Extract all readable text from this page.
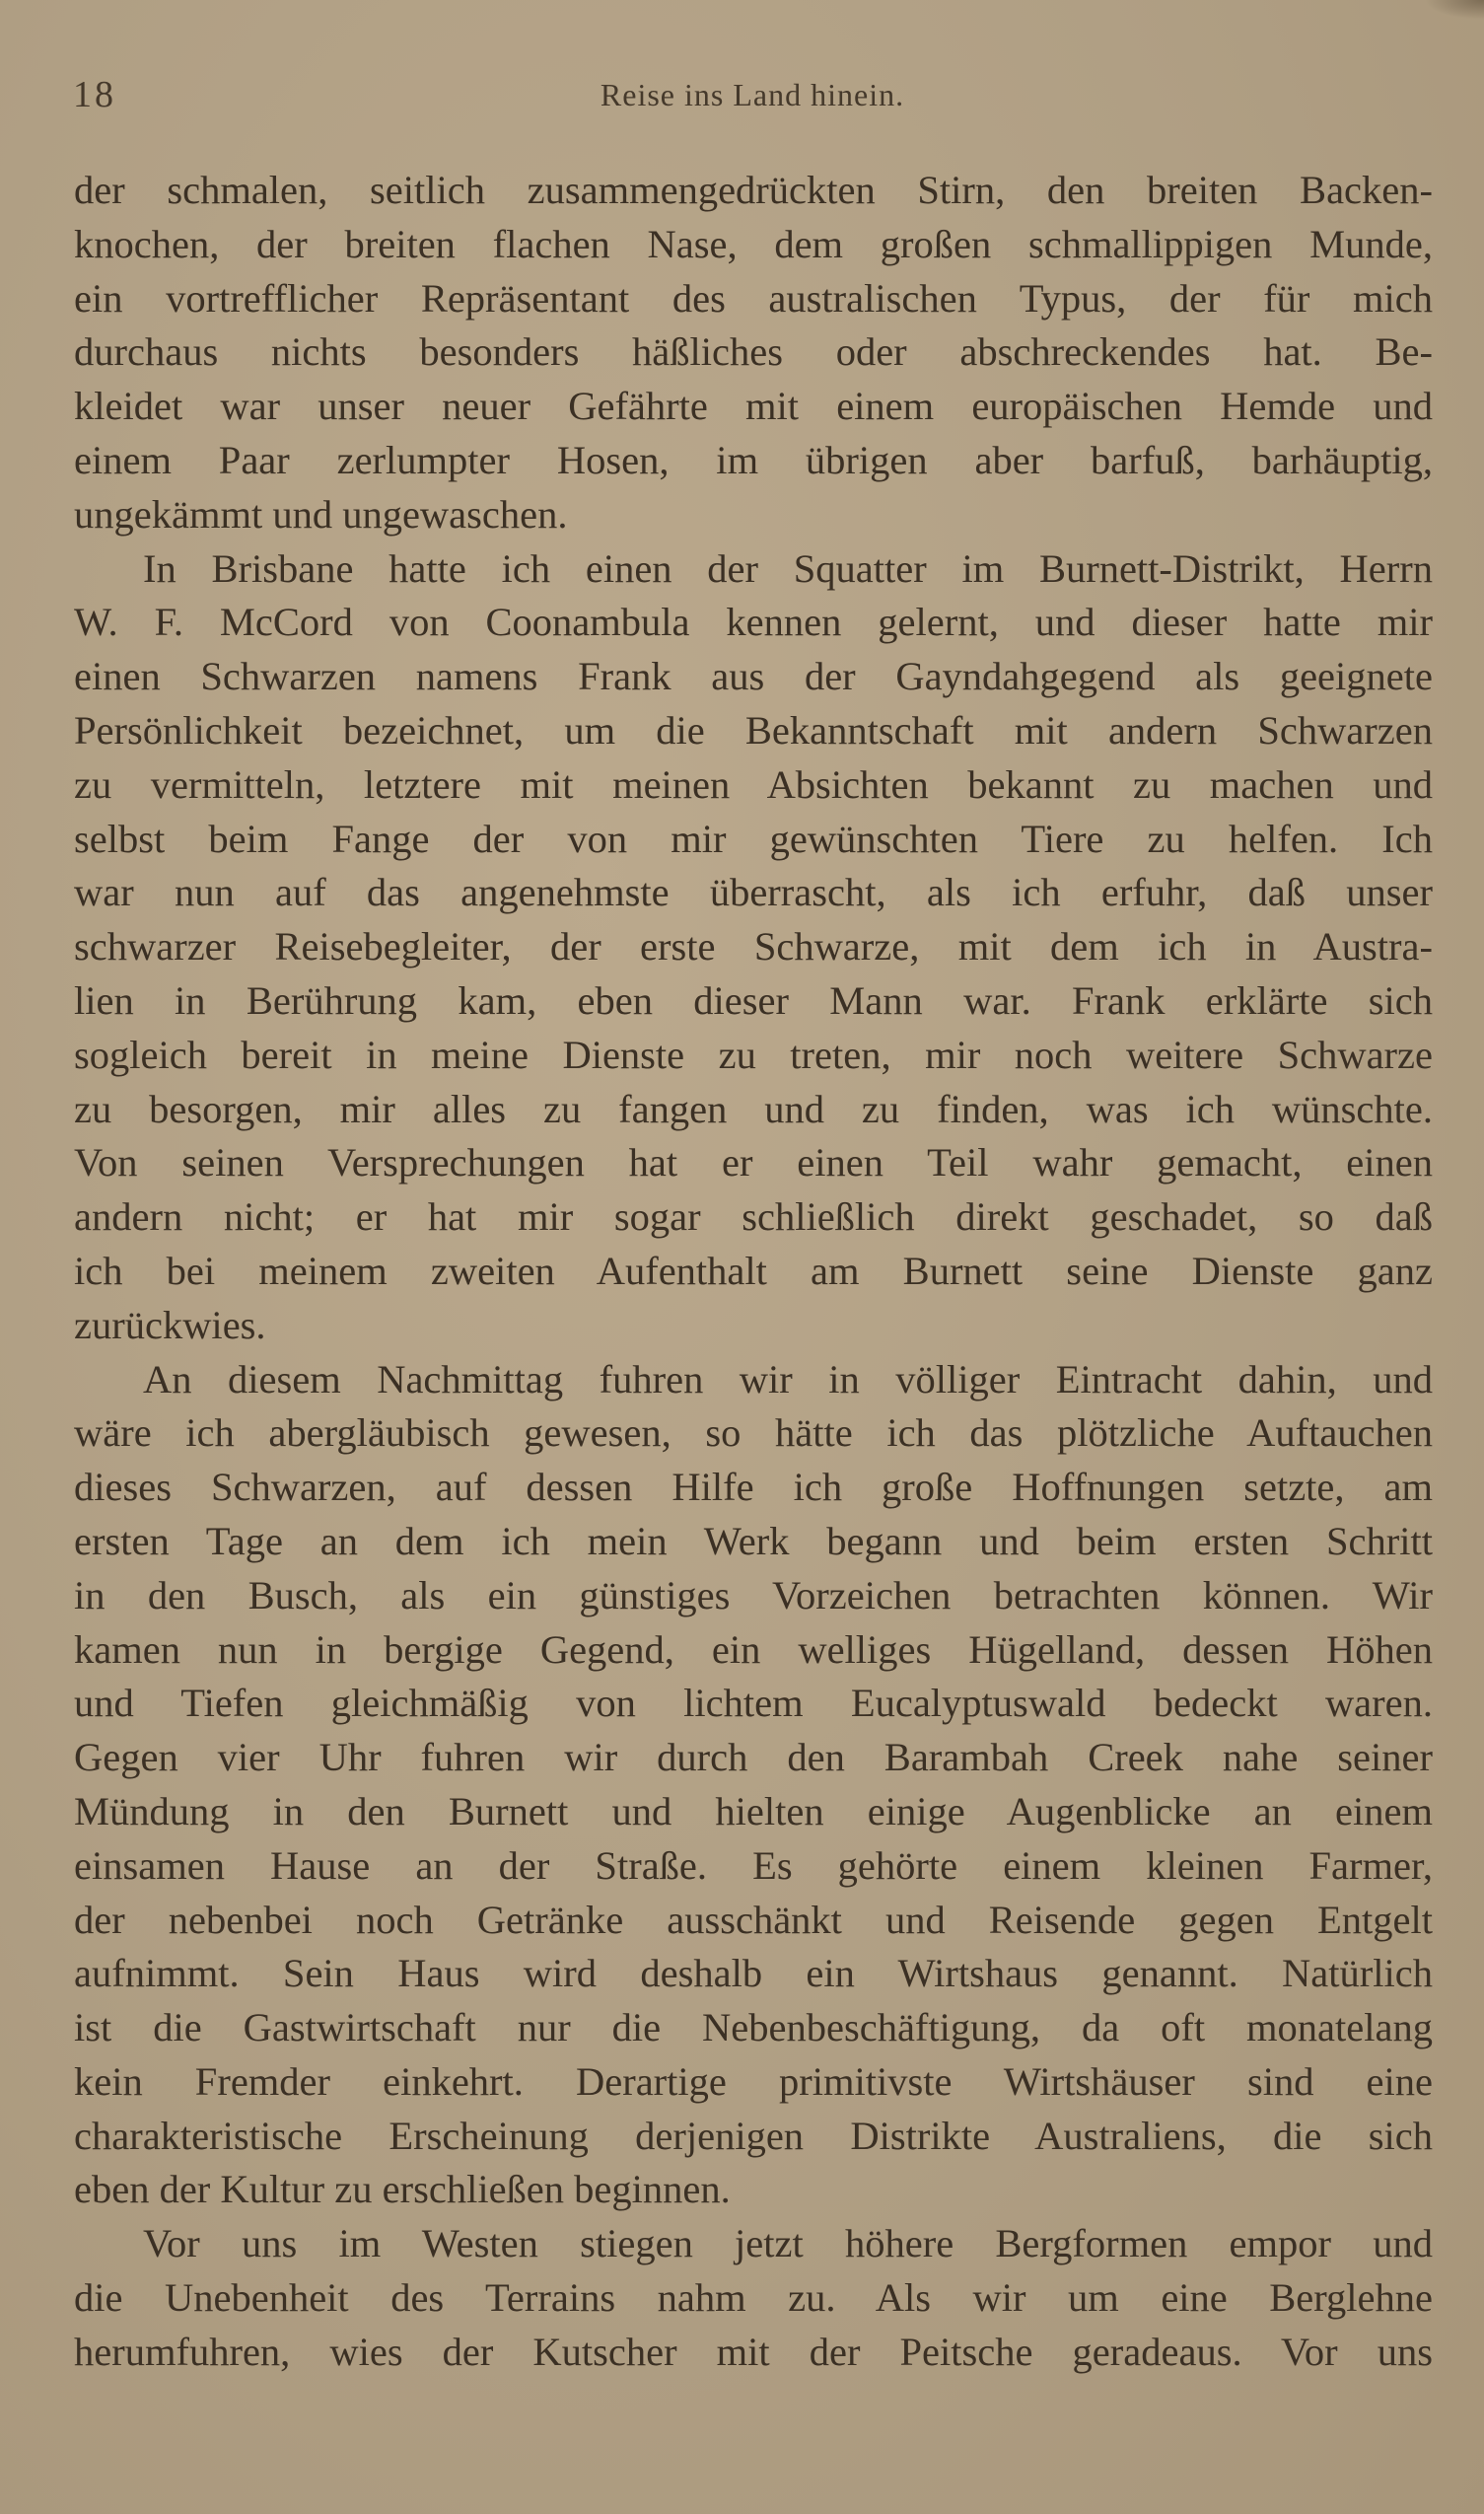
18	Reise ins Land hinein.
der schmalen, seitlich zusammengedrückten Stirn, den breiten Backen-
knochen, der breiten flachen Nase, dem großen schmallippigen Munde,
ein vortrefflicher Repräsentant des australischen Typus, der für mich
durchaus nichts besonders häßliches oder abschreckendes hat. Be-
kleidet war unser neuer Gefährte mit einem europäischen Hemde und
einem Paar zerlumpter Hosen, im übrigen aber barfuß, barhäuptig,
ungekämmt und ungewaschen.
In Brisbane hatte ich einen der Squatter im Burnett-Distrikt, Herrn
W. F. McCord von Coonambula kennen gelernt, und dieser hatte mir
einen Schwarzen namens Frank aus der Gayndahgegend als geeignete
Persönlichkeit bezeichnet, um die Bekanntschaft mit andern Schwarzen
zu vermitteln, letztere mit meinen Absichten bekannt zu machen und
selbst beim Fange der von mir gewünschten Tiere zu helfen. Ich
war nun auf das angenehmste überrascht, als ich erfuhr, daß unser
schwarzer Reisebegleiter, der erste Schwarze, mit dem ich in Austra-
lien in Berührung kam, eben dieser Mann war. Frank erklärte sich
sogleich bereit in meine Dienste zu treten, mir noch weitere Schwarze
zu besorgen, mir alles zu fangen und zu finden, was ich wünschte.
Von seinen Versprechungen hat er einen Teil wahr gemacht, einen
andern nicht; er hat mir sogar schließlich direkt geschadet, so daß
ich bei meinem zweiten Aufenthalt am Burnett seine Dienste ganz
zurückwies.
An diesem Nachmittag fuhren wir in völliger Eintracht dahin, und
wäre ich abergläubisch gewesen, so hätte ich das plötzliche Auftauchen
dieses Schwarzen, auf dessen Hilfe ich große Hoffnungen setzte, am
ersten Tage an dem ich mein Werk begann und beim ersten Schritt
in den Busch, als ein günstiges Vorzeichen betrachten können. Wir
kamen nun in bergige Gegend, ein welliges Hügelland, dessen Höhen
und Tiefen gleichmäßig von lichtem Eucalyptuswald bedeckt waren.
Gegen vier Uhr fuhren wir durch den Barambah Creek nahe seiner
Mündung in den Burnett und hielten einige Augenblicke an einem
einsamen Hause an der Straße. Es gehörte einem kleinen Farmer,
der nebenbei noch Getränke ausschänkt und Reisende gegen Entgelt
aufnimmt. Sein Haus wird deshalb ein Wirtshaus genannt. Natürlich
ist die Gastwirtschaft nur die Nebenbeschäftigung, da oft monatelang
kein Fremder einkehrt. Derartige primitivste Wirtshäuser sind eine
charakteristische Erscheinung derjenigen Distrikte Australiens, die sich
eben der Kultur zu erschließen beginnen.
Vor uns im Westen stiegen jetzt höhere Bergformen empor und
die Unebenheit des Terrains nahm zu. Als wir um eine Berglehne
herumfuhren, wies der Kutscher mit der Peitsche geradeaus. Vor uns
